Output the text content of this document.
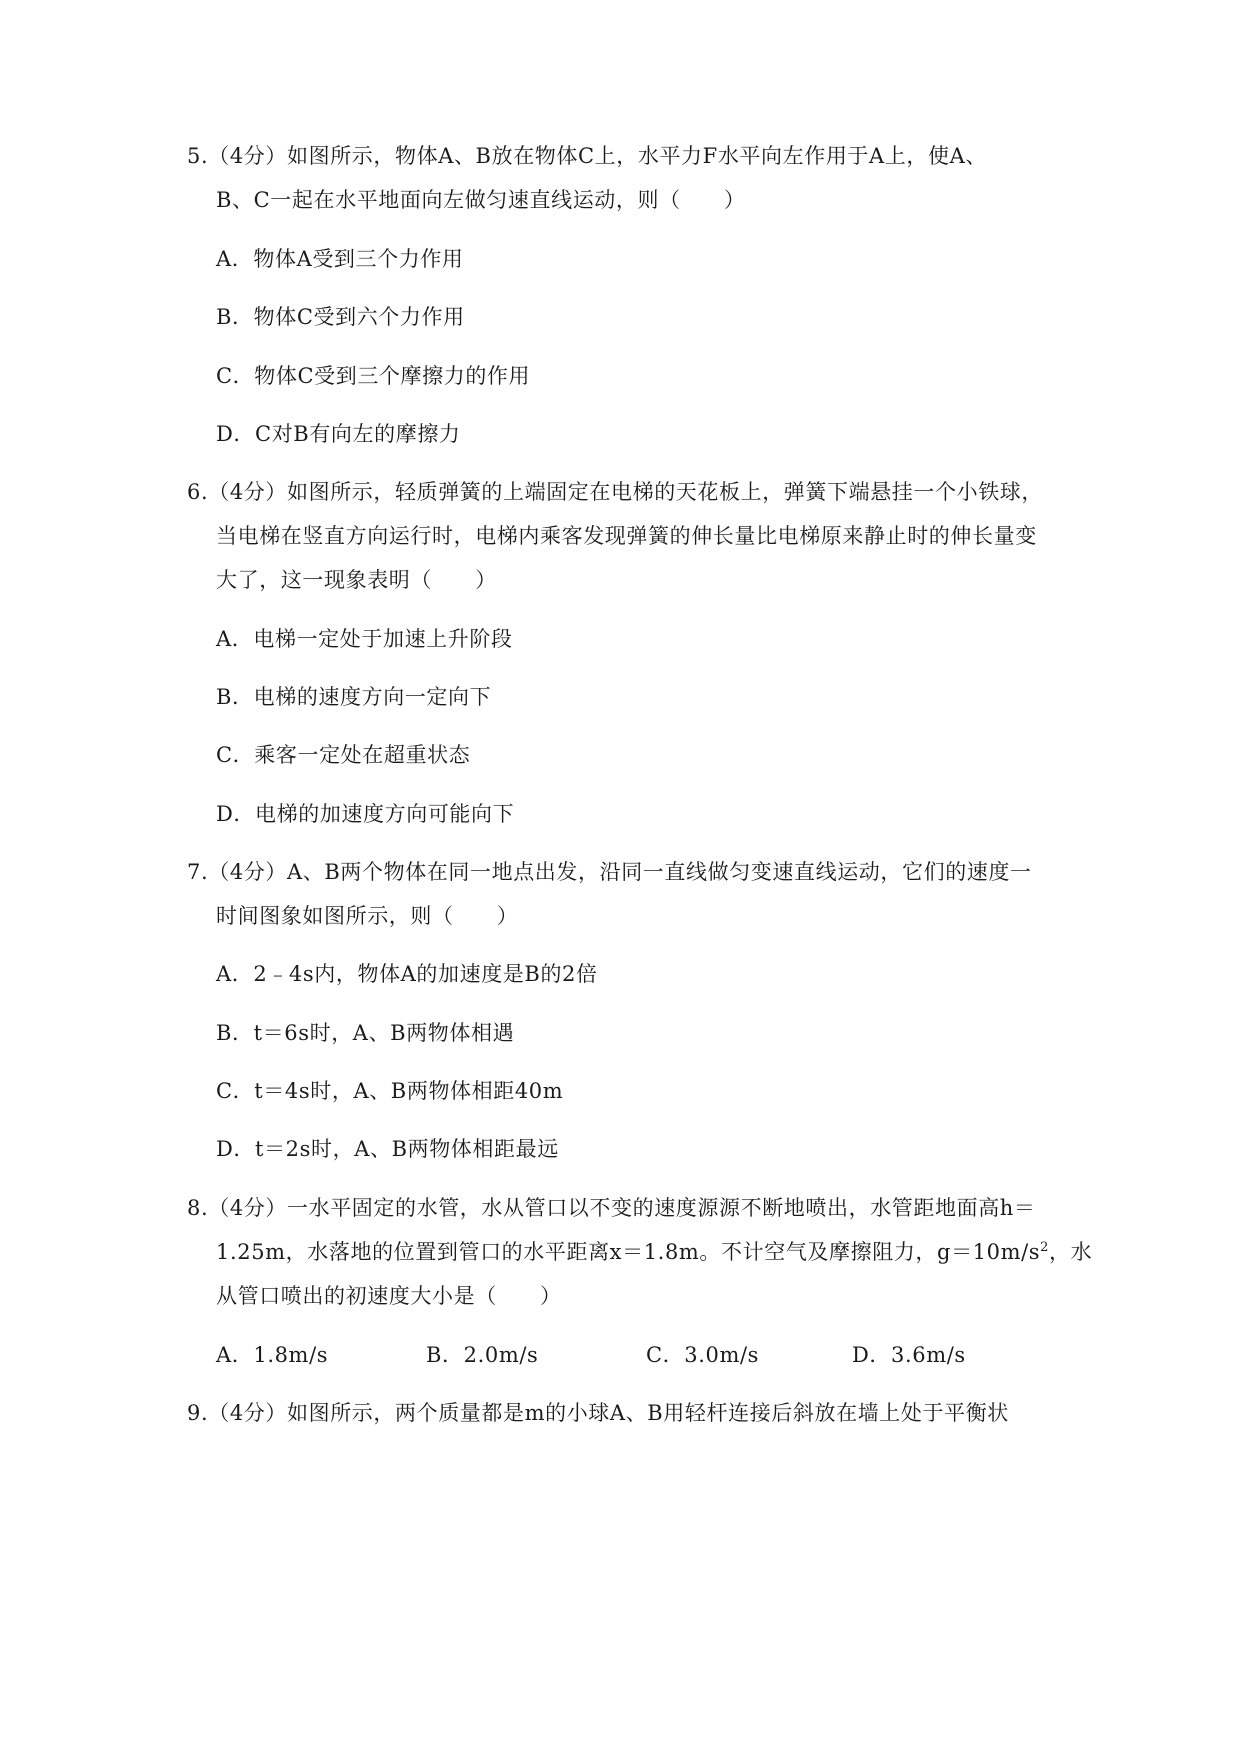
5.（4分）如图所示，物体A、B放在物体C上，水平力F水平向左作用于A上，使A、
B、C一起在水平地面向左做匀速直线运动，则（　　）
A．物体A受到三个力作用
B．物体C受到六个力作用
C．物体C受到三个摩擦力的作用
D．C对B有向左的摩擦力
6.（4分）如图所示，轻质弹簧的上端固定在电梯的天花板上，弹簧下端悬挂一个小铁球，
当电梯在竖直方向运行时，电梯内乘客发现弹簧的伸长量比电梯原来静止时的伸长量变
大了，这一现象表明（　　）
A．电梯一定处于加速上升阶段
B．电梯的速度方向一定向下
C．乘客一定处在超重状态
D．电梯的加速度方向可能向下
7.（4分）A、B两个物体在同一地点出发，沿同一直线做匀变速直线运动，它们的速度一
时间图象如图所示，则（　　）
A．2﹣4s内，物体A的加速度是B的2倍
B．t＝6s时，A、B两物体相遇
C．t＝4s时，A、B两物体相距40m
D．t＝2s时，A、B两物体相距最远
8.（4分）一水平固定的水管，水从管口以不变的速度源源不断地喷出，水管距地面高h＝
1.25m，水落地的位置到管口的水平距离x＝1.8m。不计空气及摩擦阻力，$g=10m/s^2$，水
从管口喷出的初速度大小是（　　）
A．1.8m/s	B．2.0m/s	C．3.0m/s	D．3.6m/s
9.（4分）如图所示，两个质量都是m的小球A、B用轻杆连接后斜放在墙上处于平衡状
